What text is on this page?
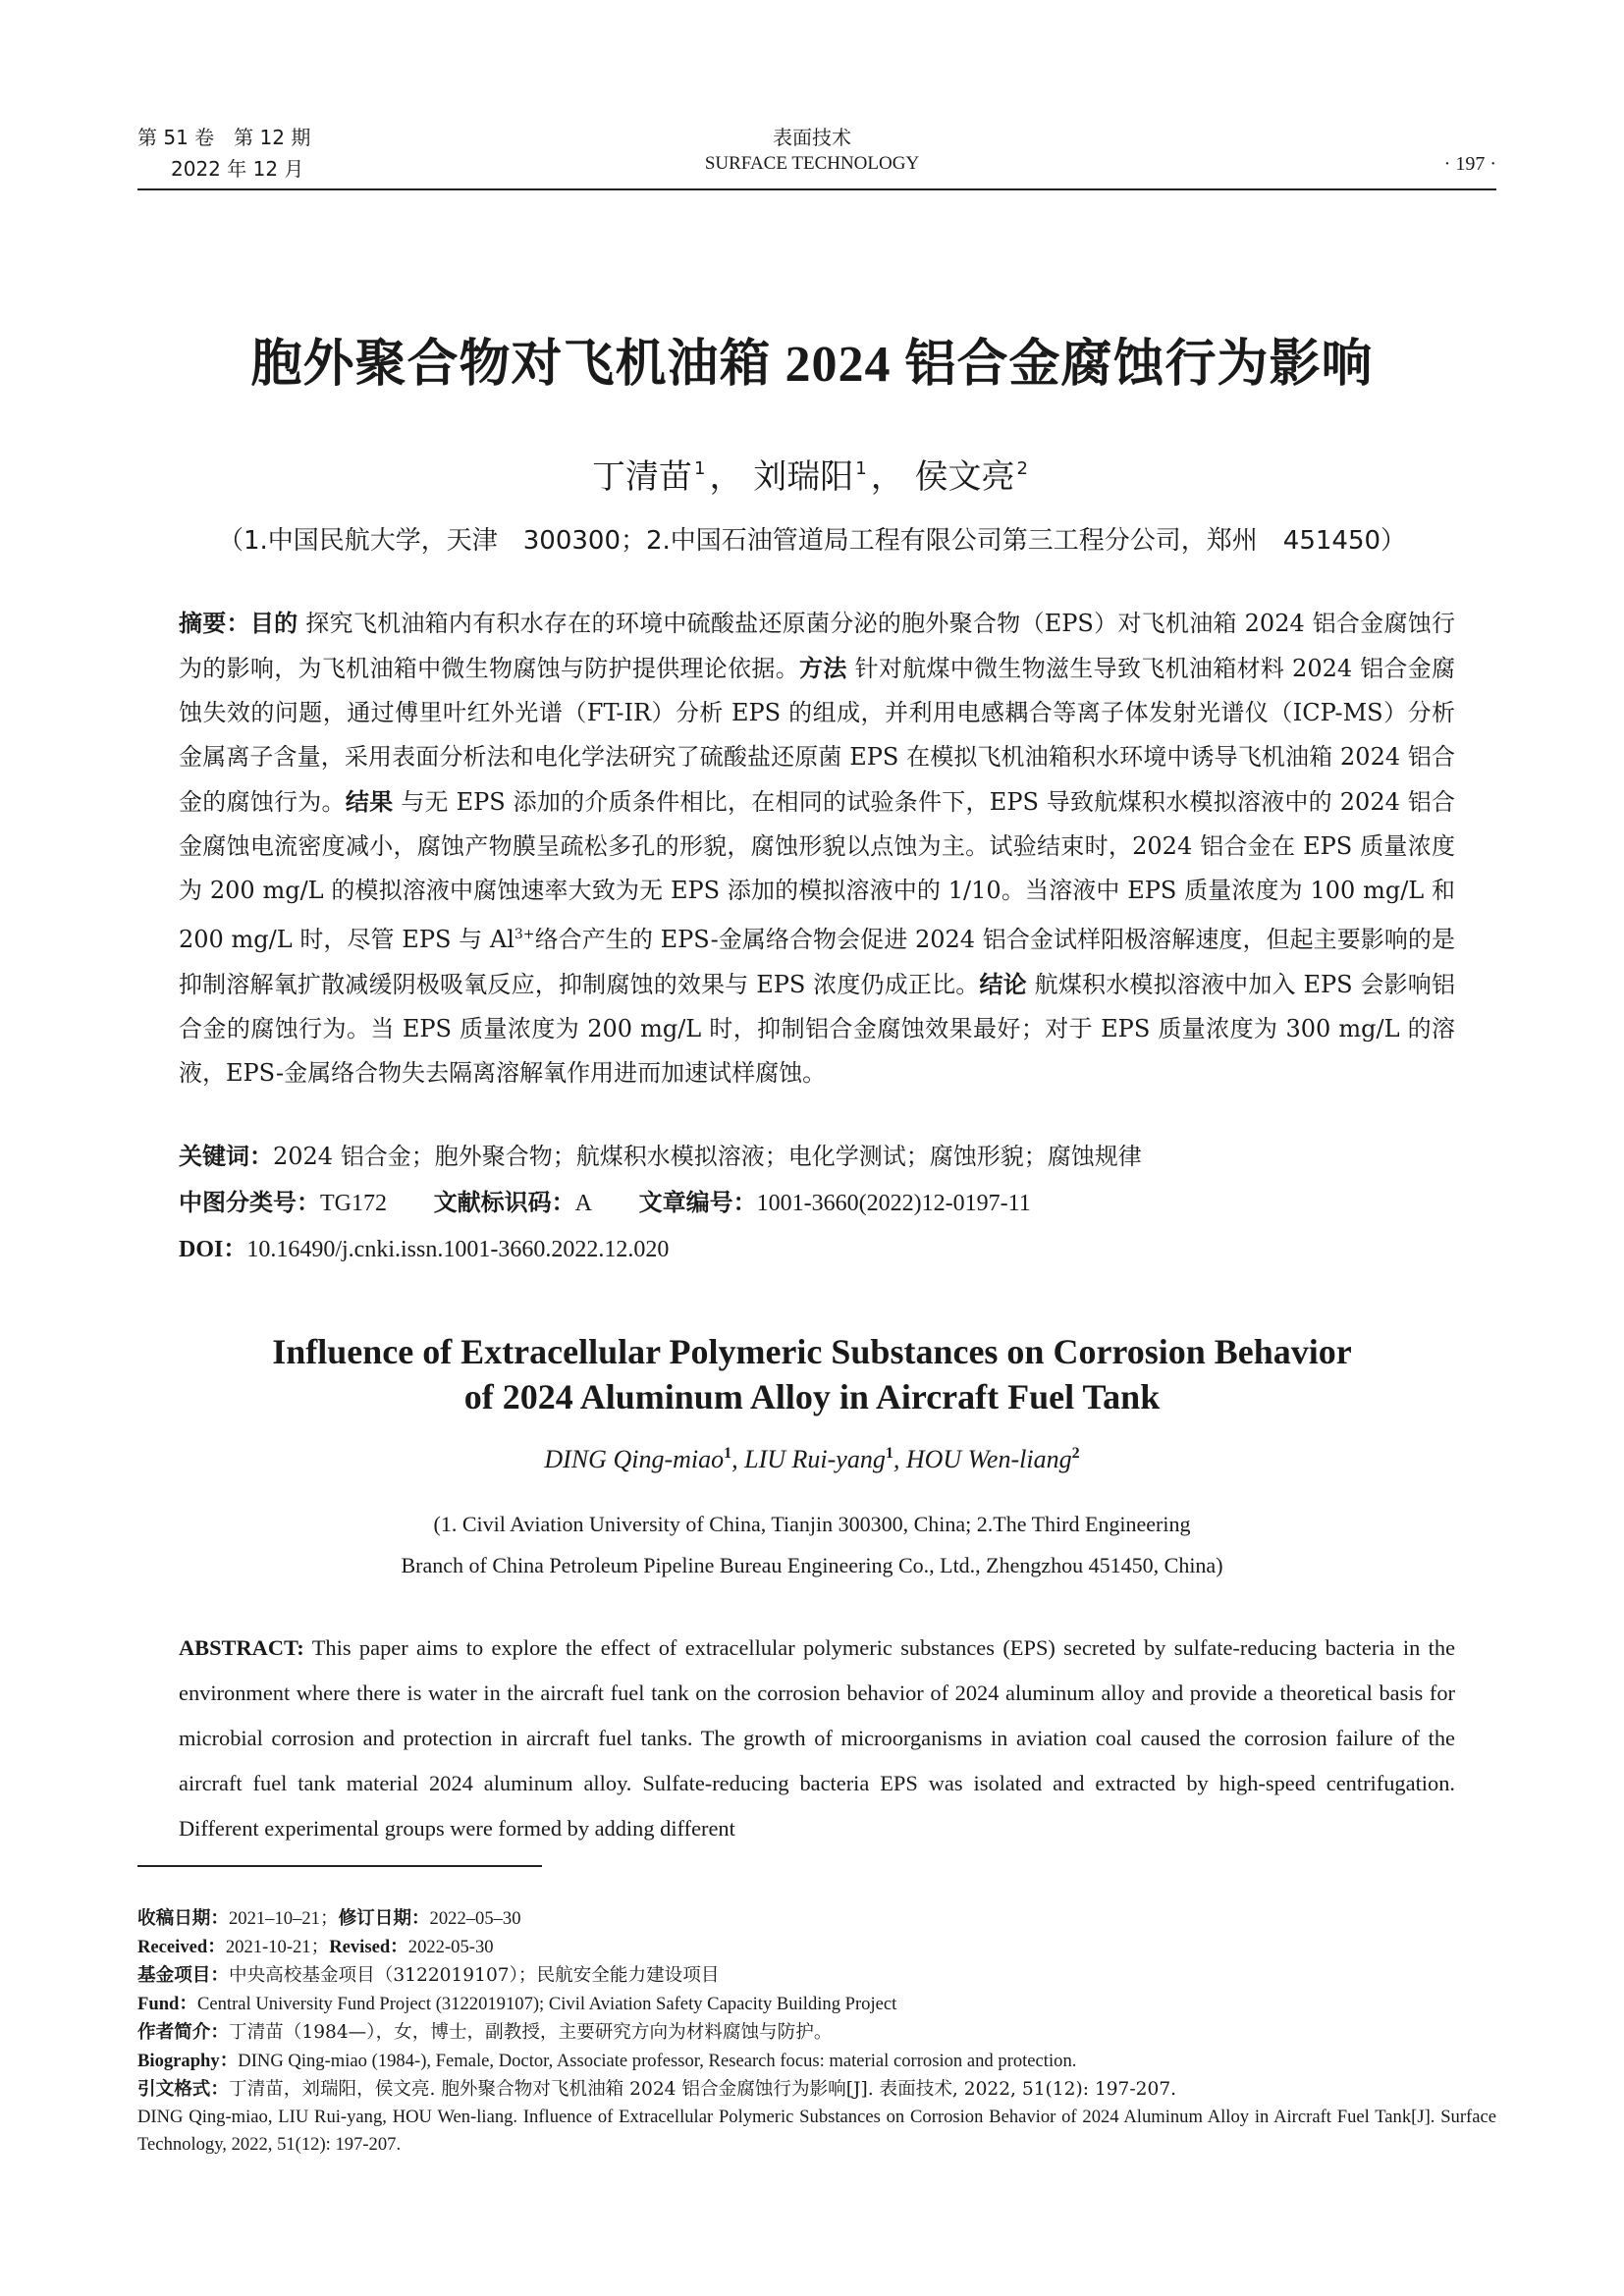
第 51 卷　第 12 期
2022 年 12 月
表面技术
SURFACE TECHNOLOGY	· 197 ·
胞外聚合物对飞机油箱 2024 铝合金腐蚀行为影响
丁清苗 $^1$ ， 刘瑞阳 $^1$ ， 侯文亮 $^2$
（1.中国民航大学，天津　300300；2.中国石油管道局工程有限公司第三工程分公司，郑州　451450）
摘要：目的 探究飞机油箱内有积水存在的环境中硫酸盐还原菌分泌的胞外聚合物（EPS）对飞机油箱 2024 铝合金腐蚀行为的影响，为飞机油箱中微生物腐蚀与防护提供理论依据。方法 针对航煤中微生物滋生导致飞机油箱材料 2024 铝合金腐蚀失效的问题，通过傅里叶红外光谱（FT-IR）分析 EPS 的组成，并利用电感耦合等离子体发射光谱仪（ICP-MS）分析金属离子含量，采用表面分析法和电化学法研究了硫酸盐还原菌 EPS 在模拟飞机油箱积水环境中诱导飞机油箱 2024 铝合金的腐蚀行为。结果 与无 EPS 添加的介质条件相比，在相同的试验条件下，EPS 导致航煤积水模拟溶液中的 2024 铝合金腐蚀电流密度减小，腐蚀产物膜呈疏松多孔的形貌，腐蚀形貌以点蚀为主。试验结束时，2024 铝合金在 EPS 质量浓度为 200 mg/L 的模拟溶液中腐蚀速率大致为无 EPS 添加的模拟溶液中的 1/10。当溶液中 EPS 质量浓度为 100 mg/L 和 200 mg/L 时，尽管 EPS 与 $Al^{3+}$络合产生的 EPS-金属络合物会促进 2024 铝合金试样阳极溶解速度，但起主要影响的是抑制溶解氧扩散减缓阴极吸氧反应，抑制腐蚀的效果与 EPS 浓度仍成正比。结论 航煤积水模拟溶液中加入 EPS 会影响铝合金的腐蚀行为。当 EPS 质量浓度为 200 mg/L 时，抑制铝合金腐蚀效果最好；对于 EPS 质量浓度为 300 mg/L 的溶液，EPS-金属络合物失去隔离溶解氧作用进而加速试样腐蚀。
关键词：2024 铝合金；胞外聚合物；航煤积水模拟溶液；电化学测试；腐蚀形貌；腐蚀规律
中图分类号：TG172 文献标识码：A 文章编号：1001-3660(2022)12-0197-11
DOI：10.16490/j.cnki.issn.1001-3660.2022.12.020
Influence of Extracellular Polymeric Substances on Corrosion Behavior
of 2024 Aluminum Alloy in Aircraft Fuel Tank
DING Qing-miao$^1$, LIU Rui-yang$^1$, HOU Wen-liang$^2$
(1. Civil Aviation University of China, Tianjin 300300, China; 2.The Third Engineering
Branch of China Petroleum Pipeline Bureau Engineering Co., Ltd., Zhengzhou 451450, China)
ABSTRACT: This paper aims to explore the effect of extracellular polymeric substances (EPS) secreted by sulfate-reducing bacteria in the environment where there is water in the aircraft fuel tank on the corrosion behavior of 2024 aluminum alloy and provide a theoretical basis for microbial corrosion and protection in aircraft fuel tanks. The growth of microorganisms in aviation coal caused the corrosion failure of the aircraft fuel tank material 2024 aluminum alloy. Sulfate-reducing bacteria EPS was isolated and extracted by high-speed centrifugation. Different experimental groups were formed by adding different
收稿日期：2021–10–21；修订日期：2022–05–30
Received：2021-10-21；Revised：2022-05-30
基金项目：中央高校基金项目（3122019107）；民航安全能力建设项目
Fund：Central University Fund Project (3122019107); Civil Aviation Safety Capacity Building Project
作者简介：丁清苗（1984—），女，博士，副教授，主要研究方向为材料腐蚀与防护。
Biography：DING Qing-miao (1984-), Female, Doctor, Associate professor, Research focus: material corrosion and protection.
引文格式：丁清苗，刘瑞阳，侯文亮. 胞外聚合物对飞机油箱 2024 铝合金腐蚀行为影响[J]. 表面技术, 2022, 51(12): 197-207.
DING Qing-miao, LIU Rui-yang, HOU Wen-liang. Influence of Extracellular Polymeric Substances on Corrosion Behavior of 2024 Aluminum Alloy in Aircraft Fuel Tank[J]. Surface Technology, 2022, 51(12): 197-207.
